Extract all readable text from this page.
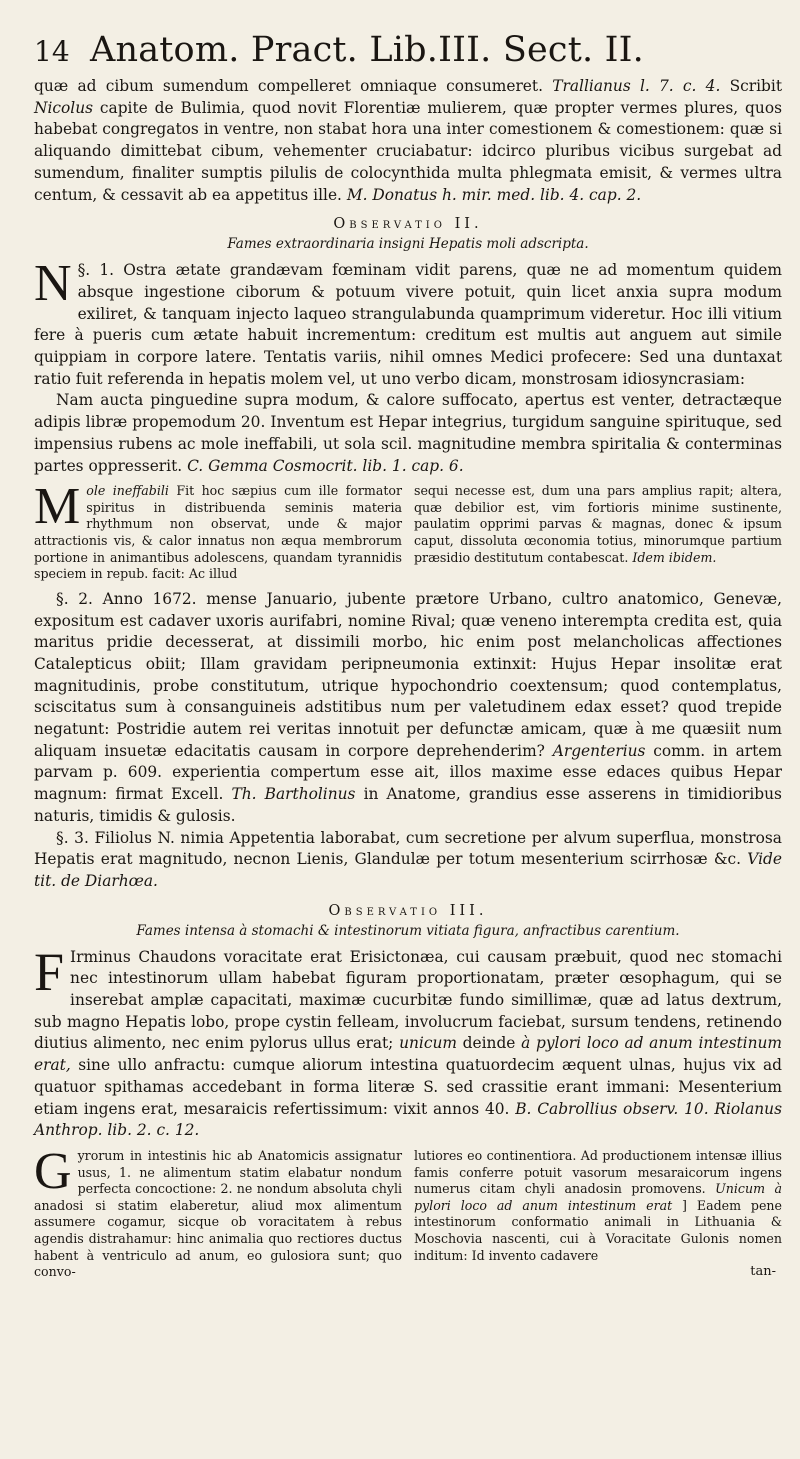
14 Anatom. Pract. Lib.III. Sect. II.

quæ ad cibum sumendum compelleret omniaque consumeret. Trallianus l. 7. c. 4. Scribit Nicolus capite de Bulimia, quod novit Florentiæ mulierem, quæ propter vermes plures, quos habebat congregatos in ventre, non stabat hora una inter comestionem & comestionem: quæ si aliquando dimittebat cibum, vehementer cruciabatur: idcirco pluribus vicibus surgebat ad sumendum, finaliter sumptis pilulis de colocynthida multa phlegmata emisit, & vermes ultra centum, & cessavit ab ea appetitus ille. M. Donatus h. mir. med. lib. 4. cap. 2.

Observatio II.
Fames extraordinaria insigni Hepatis moli adscripta.

§. 1.
N	Ostra ætate grandævam fœminam vidit parens, quæ ne ad momentum quidem absque ingestione ciborum & potuum vivere potuit, quin licet anxia supra modum exiliret, & tanquam injecto laqueo strangulabunda quamprimum videretur. Hoc illi vitium fere à pueris cum ætate habuit incrementum: creditum est multis aut anguem aut simile quippiam in corpore latere. Tentatis variis, nihil omnes Medici profecere: Sed una duntaxat ratio fuit referenda in hepatis molem vel, ut uno verbo dicam, monstrosam idiosyncrasiam:

Nam aucta pinguedine supra modum, & calore suffocato, apertus est venter, detractæque adipis libræ propemodum 20. Inventum est Hepar integrius, turgidum sanguine spirituque, sed impensius rubens ac mole ineffabili, ut sola scil. magnitudine membra spiritalia & conterminas partes oppresserit. C. Gemma Cosmocrit. lib. 1. cap. 6.

M ole ineffabili Fit hoc sæpius cum ille formator spiritus in distribuenda seminis materia rhythmum non observat, unde & major attractionis vis, & calor innatus non æqua membrorum portione in animantibus adolescens, quandam tyrannidis speciem in repub. facit: Ac illud
sequi necesse est, dum una pars amplius rapit; altera, quæ debilior est, vim fortioris minime sustinente, paulatim opprimi parvas & magnas, donec & ipsum caput, dissoluta œconomia totius, minorumque partium præsidio destitutum contabescat. Idem ibidem.

§. 2. Anno 1672. mense Januario, jubente prætore Urbano, cultro anatomico, Genevæ, expositum est cadaver uxoris aurifabri, nomine Rival; quæ veneno interempta credita est, quia maritus pridie decesserat, at dissimili morbo, hic enim post melancholicas affectiones Catalepticus obiit; Illam gravidam peripneumonia extinxit: Hujus Hepar insolitæ erat magnitudinis, probe constitutum, utrique hypochondrio coextensum; quod contemplatus, sciscitatus sum à consanguineis adstitibus num per valetudinem edax esset? quod trepide negatunt: Postridie autem rei veritas innotuit per defunctæ amicam, quæ à me quæsiit num aliquam insuetæ edacitatis causam in corpore deprehenderim? Argenterius comm. in artem parvam p. 609. experientia compertum esse ait, illos maxime esse edaces quibus Hepar magnum: firmat Excell. Th. Bartholinus in Anatome, grandius esse asserens in timidioribus naturis, timidis & gulosis.

§. 3. Filiolus N. nimia Appetentia laborabat, cum secretione per alvum superflua, monstrosa Hepatis erat magnitudo, necnon Lienis, Glandulæ per totum mesenterium scirrhosæ &c. Vide tit. de Diarhœa.

Observatio III.
Fames intensa à stomachi & intestinorum vitiata figura, anfractibus carentium.

F Irminus Chaudons voracitate erat Erisictonæa, cui causam præbuit, quod nec stomachi nec intestinorum ullam habebat figuram proportionatam, præter œsophagum, qui se inserebat amplæ capacitati, maximæ cucurbitæ fundo simillimæ, quæ ad latus dextrum, sub magno Hepatis lobo, prope cystin felleam, involucrum faciebat, sursum tendens, retinendo diutius alimento, nec enim pylorus ullus erat; unicum deinde à pylori loco ad anum intestinum erat, sine ullo anfractu: cumque aliorum intestina quatuordecim æquent ulnas, hujus vix ad quatuor spithamas accedebant in forma literæ S. sed crassitie erant immani: Mesenterium etiam ingens erat, mesaraicis refertissimum: vixit annos 40. B. Cabrollius observ. 10. Riolanus Anthrop. lib. 2. c. 12.

G yrorum in intestinis hic ab Anatomicis assignatur usus, 1. ne alimentum statim elabatur nondum perfecta concoctione: 2. ne nondum absoluta chyli anadosi si statim elaberetur, aliud mox alimentum assumere cogamur, sicque ob voracitatem à rebus agendis distrahamur: hinc animalia quo rectiores ductus habent à ventriculo ad anum, eo gulosiora sunt; quo convo-
lutiores eo continentiora. Ad productionem intensæ illius famis conferre potuit vasorum mesaraicorum ingens numerus citam chyli anadosin promovens. Unicum à pylori loco ad anum intestinum erat ] Eadem pene intestinorum conformatio animali in Lithuania & Moschovia nascenti, cui à Voracitate Gulonis nomen inditum: Id invento cadavere
tan-
